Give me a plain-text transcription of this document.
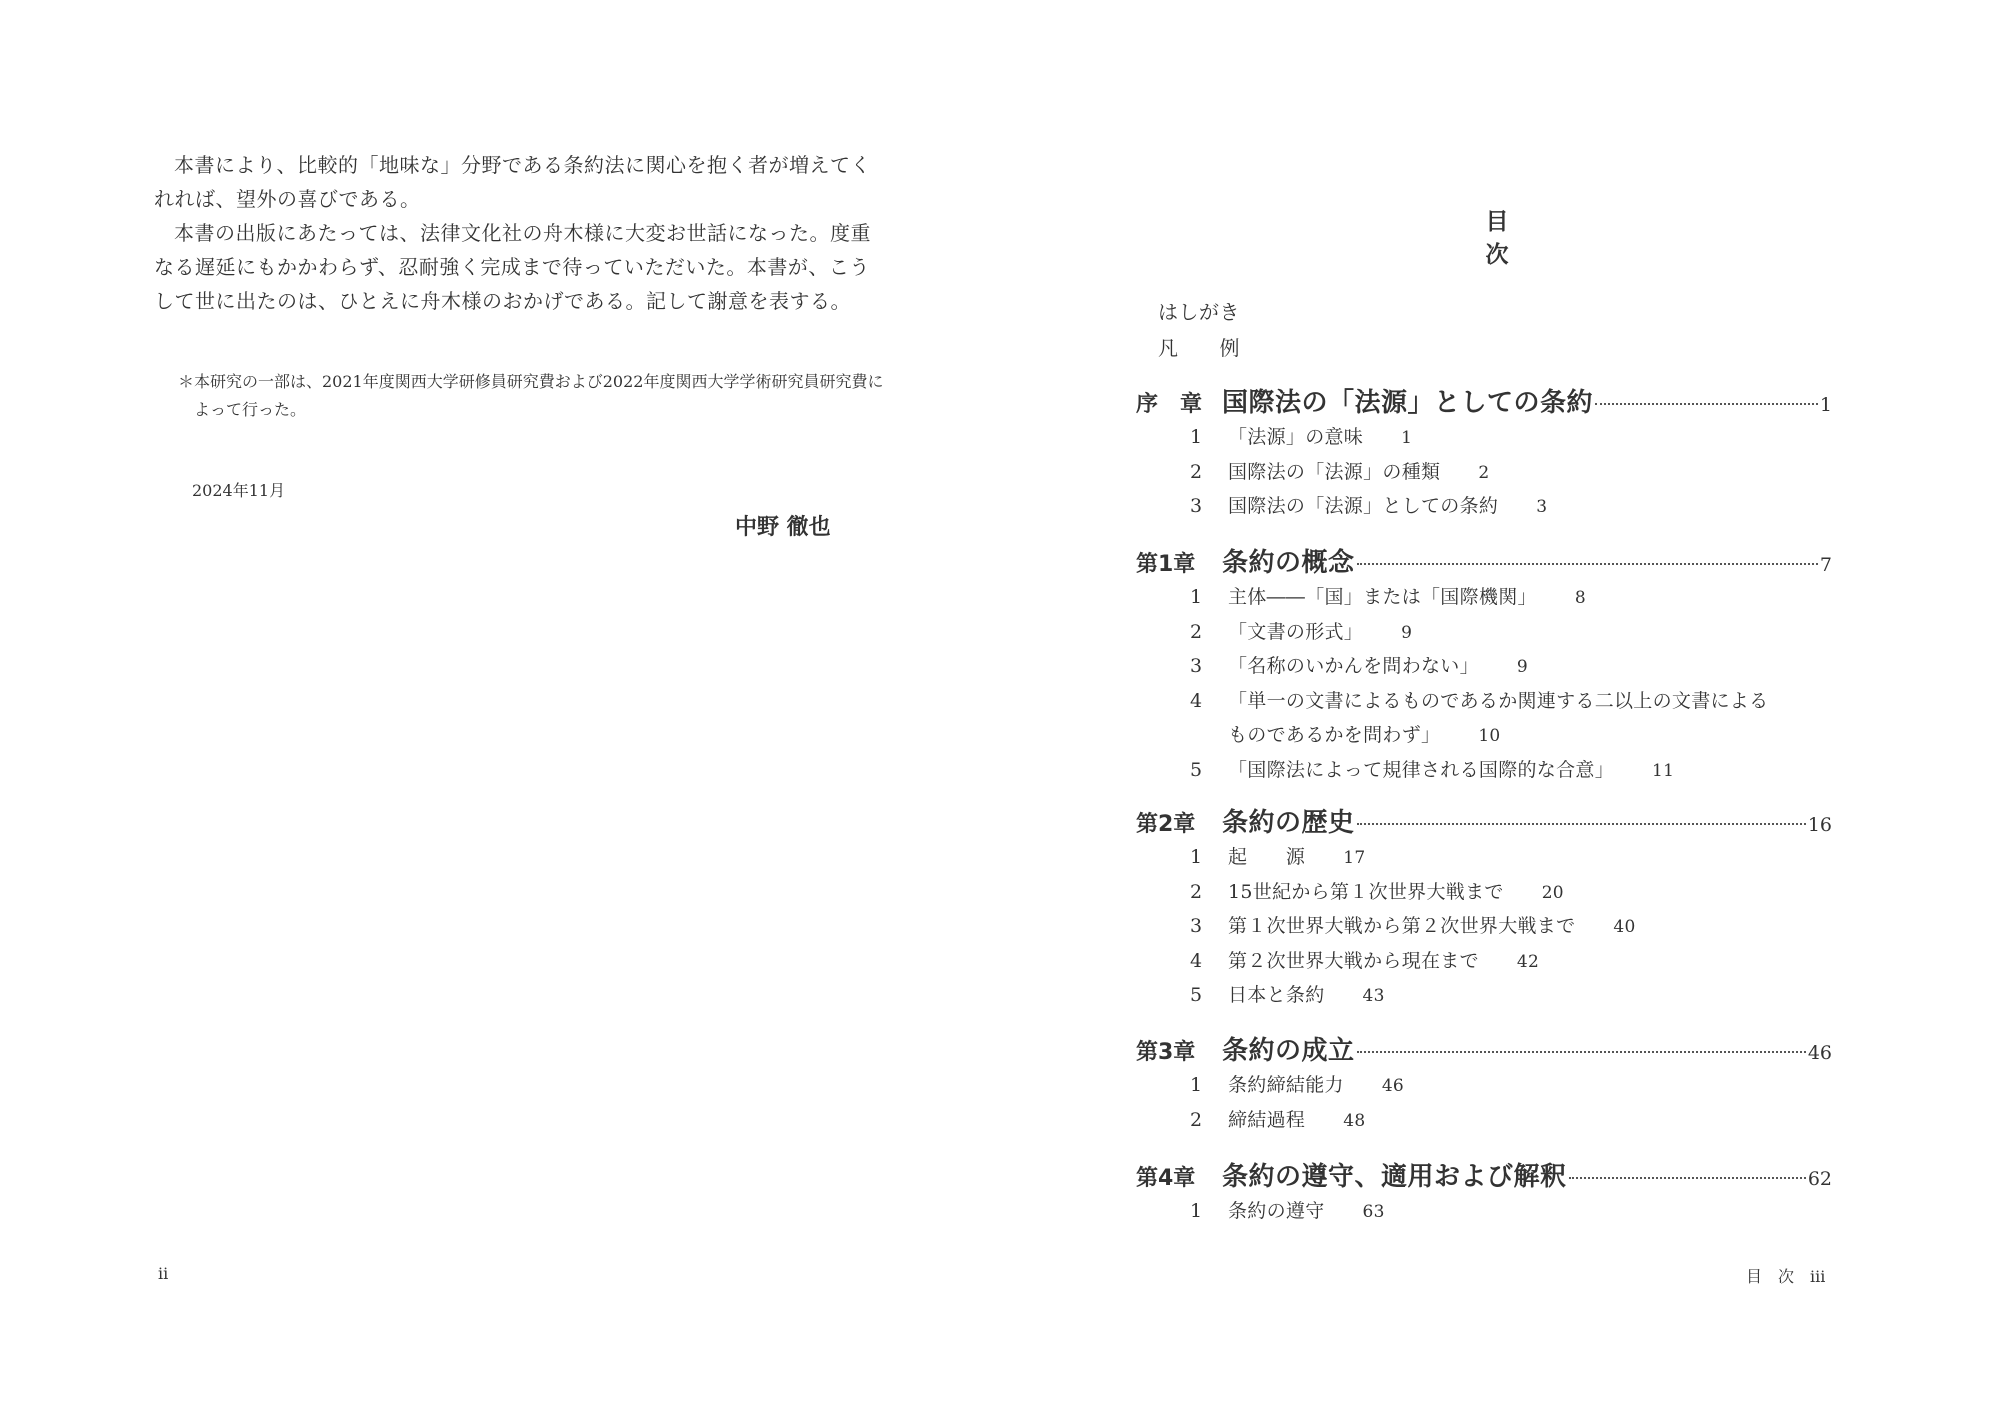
本書により、比較的「地味な」分野である条約法に関心を抱く者が増えてくれれば、望外の喜びである。

本書の出版にあたっては、法律文化社の舟木様に大変お世話になった。度重なる遅延にもかかわらず、忍耐強く完成まで待っていただいた。本書が、こうして世に出たのは、ひとえに舟木様のおかげである。記して謝意を表する。

＊本研究の一部は、2021年度関西大学研修員研究費および2022年度関西大学学術研究員研究費によって行った。

2024年11月
中野 徹也
ii
目　次
はしがき
凡　　例
序　章 国際法の「法源」としての条約	1
1 「法源」の意味 1
2 国際法の「法源」の種類 2
3 国際法の「法源」としての条約 3
第1章	条約の概念	7
1 主体――「国」または「国際機関」 8
2 「文書の形式」 9
3 「名称のいかんを問わない」 9
4 「単一の文書によるものであるか関連する二以上の文書による
ものであるかを問わず」 10
5 「国際法によって規律される国際的な合意」 11
第2章	条約の歴史	16
1 起　　源 17
2 15世紀から第１次世界大戦まで 20
3 第１次世界大戦から第２次世界大戦まで 40
4 第２次世界大戦から現在まで 42
5 日本と条約 43
第3章	条約の成立	46
1 条約締結能力 46
2 締結過程 48
第4章	条約の遵守、適用および解釈	62
1 条約の遵守 63
目　次　iii
